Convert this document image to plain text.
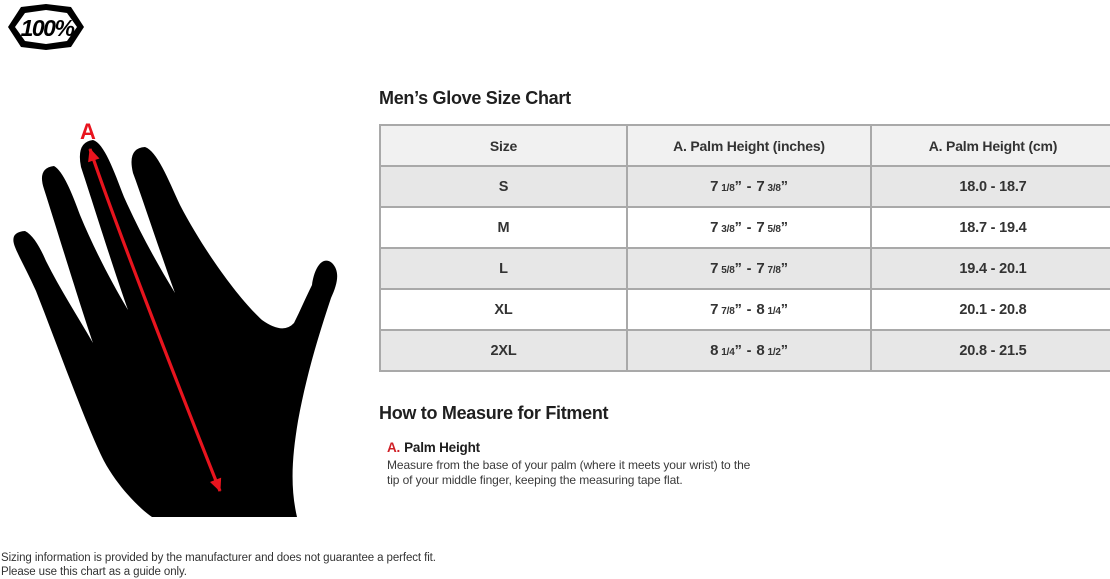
100%
A
Men’s Glove Size Chart
Size	A. Palm Height (inches)	A. Palm Height (cm)
S	7 1/8” - 7 3/8”	18.0 - 18.7
M	7 3/8” - 7 5/8”	18.7 - 19.4
L	7 5/8” - 7 7/8”	19.4 - 20.1
XL	7 7/8” - 8 1/4”	20.1 - 20.8
2XL	8 1/4” - 8 1/2”	20.8 - 21.5
How to Measure for Fitment
A. Palm Height
Measure from the base of your palm (where it meets your wrist) to the
tip of your middle finger, keeping the measuring tape flat.
Sizing information is provided by the manufacturer and does not guarantee a perfect fit.
Please use this chart as a guide only.
